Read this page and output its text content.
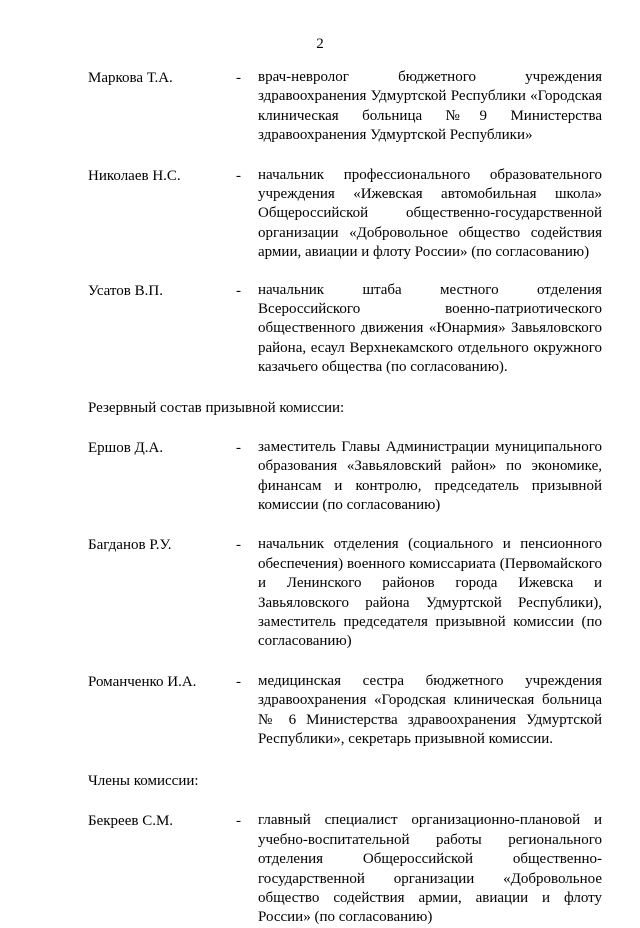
2
Маркова Т.А.	-	врач-невролог бюджетного учреждения здравоохранения Удмуртской Республики «Городская клиническая больница №9 Министерства здравоохранения Удмуртской Республики»
Николаев Н.С.	-	начальник профессионального образовательного учреждения «Ижевская автомобильная школа» Общероссийской общественно-государственной организации «Добровольное общество содействия армии, авиации и флоту России» (по согласованию)
Усатов В.П.	-	начальник штаба местного отделения Всероссийского военно-патриотического общественного движения «Юнармия» Завьяловского района, есаул Верхнекамского отдельного окружного казачьего общества (по согласованию).
Резервный состав призывной комиссии:
Ершов Д.А.	-	заместитель Главы Администрации муниципального образования «Завьяловский район» по экономике, финансам и контролю, председатель призывной комиссии (по согласованию)
Багданов Р.У.	-	начальник отделения (социального и пенсионного обеспечения) военного комиссариата (Первомайского и Ленинского районов города Ижевска и Завьяловского района Удмуртской Республики), заместитель председателя призывной комиссии (по согласованию)
Романченко И.А.	-	медицинская сестра бюджетного учреждения здравоохранения «Городская клиническая больница № 6 Министерства здравоохранения Удмуртской Республики», секретарь призывной комиссии.
Члены комиссии:
Бекреев С.М.	-	главный специалист организационно-плановой и учебно-воспитательной работы регионального отделения Общероссийской общественно-государственной организации «Добровольное общество содействия армии, авиации и флоту России» (по согласованию)
